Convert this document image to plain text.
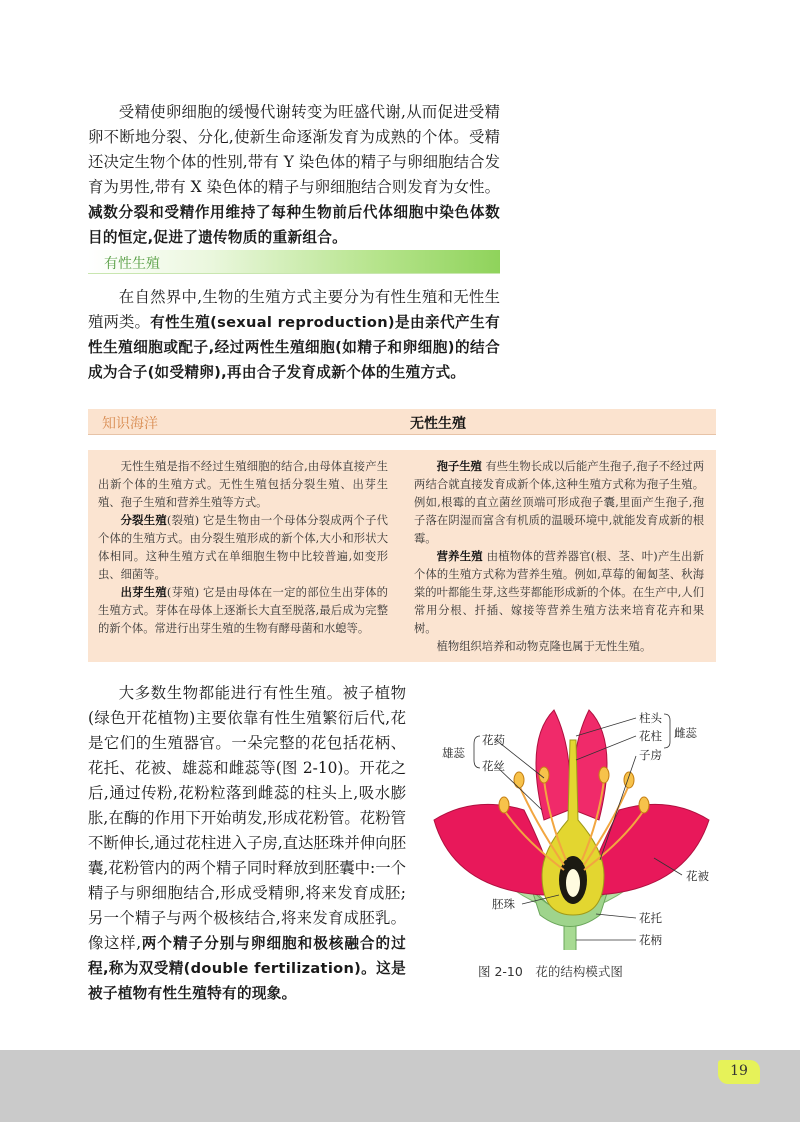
受精使卵细胞的缓慢代谢转变为旺盛代谢,从而促进受精卵不断地分裂、分化,使新生命逐渐发育为成熟的个体。受精还决定生物个体的性别,带有 Y 染色体的精子与卵细胞结合发育为男性,带有 X 染色体的精子与卵细胞结合则发育为女性。减数分裂和受精作用维持了每种生物前后代体细胞中染色体数目的恒定,促进了遗传物质的重新组合。
有性生殖
在自然界中,生物的生殖方式主要分为有性生殖和无性生殖两类。有性生殖(sexual reproduction)是由亲代产生有性生殖细胞或配子,经过两性生殖细胞(如精子和卵细胞)的结合成为合子(如受精卵),再由合子发育成新个体的生殖方式。
知识海洋	无性生殖

无性生殖是指不经过生殖细胞的结合,由母体直接产生出新个体的生殖方式。无性生殖包括分裂生殖、出芽生殖、孢子生殖和营养生殖等方式。

分裂生殖(裂殖) 它是生物由一个母体分裂成两个子代个体的生殖方式。由分裂生殖形成的新个体,大小和形状大体相同。这种生殖方式在单细胞生物中比较普遍,如变形虫、细菌等。

出芽生殖(芽殖) 它是由母体在一定的部位生出芽体的生殖方式。芽体在母体上逐渐长大直至脱落,最后成为完整的新个体。常进行出芽生殖的生物有酵母菌和水螅等。

孢子生殖 有些生物长成以后能产生孢子,孢子不经过两两结合就直接发育成新个体,这种生殖方式称为孢子生殖。例如,根霉的直立菌丝顶端可形成孢子囊,里面产生孢子,孢子落在阴湿而富含有机质的温暖环境中,就能发育成新的根霉。

营养生殖 由植物体的营养器官(根、茎、叶)产生出新个体的生殖方式称为营养生殖。例如,草莓的匍匐茎、秋海棠的叶都能生芽,这些芽都能形成新的个体。在生产中,人们常用分根、扦插、嫁接等营养生殖方法来培育花卉和果树。

植物组织培养和动物克隆也属于无性生殖。

大多数生物都能进行有性生殖。被子植物(绿色开花植物)主要依靠有性生殖繁衍后代,花是它们的生殖器官。一朵完整的花包括花柄、花托、花被、雄蕊和雌蕊等(图 2-10)。开花之后,通过传粉,花粉粒落到雌蕊的柱头上,吸水膨胀,在酶的作用下开始萌发,形成花粉管。花粉管不断伸长,通过花柱进入子房,直达胚珠并伸向胚囊,花粉管内的两个精子同时释放到胚囊中:一个精子与卵细胞结合,形成受精卵,将来发育成胚;另一个精子与两个极核结合,将来发育成胚乳。像这样,两个精子分别与卵细胞和极核融合的过程,称为双受精(double fertilization)。这是被子植物有性生殖特有的现象。
柱头
花柱
子房
雌蕊
花药
花丝
雄蕊
花被
胚珠
花托
花柄
图 2-10　花的结构模式图
19
